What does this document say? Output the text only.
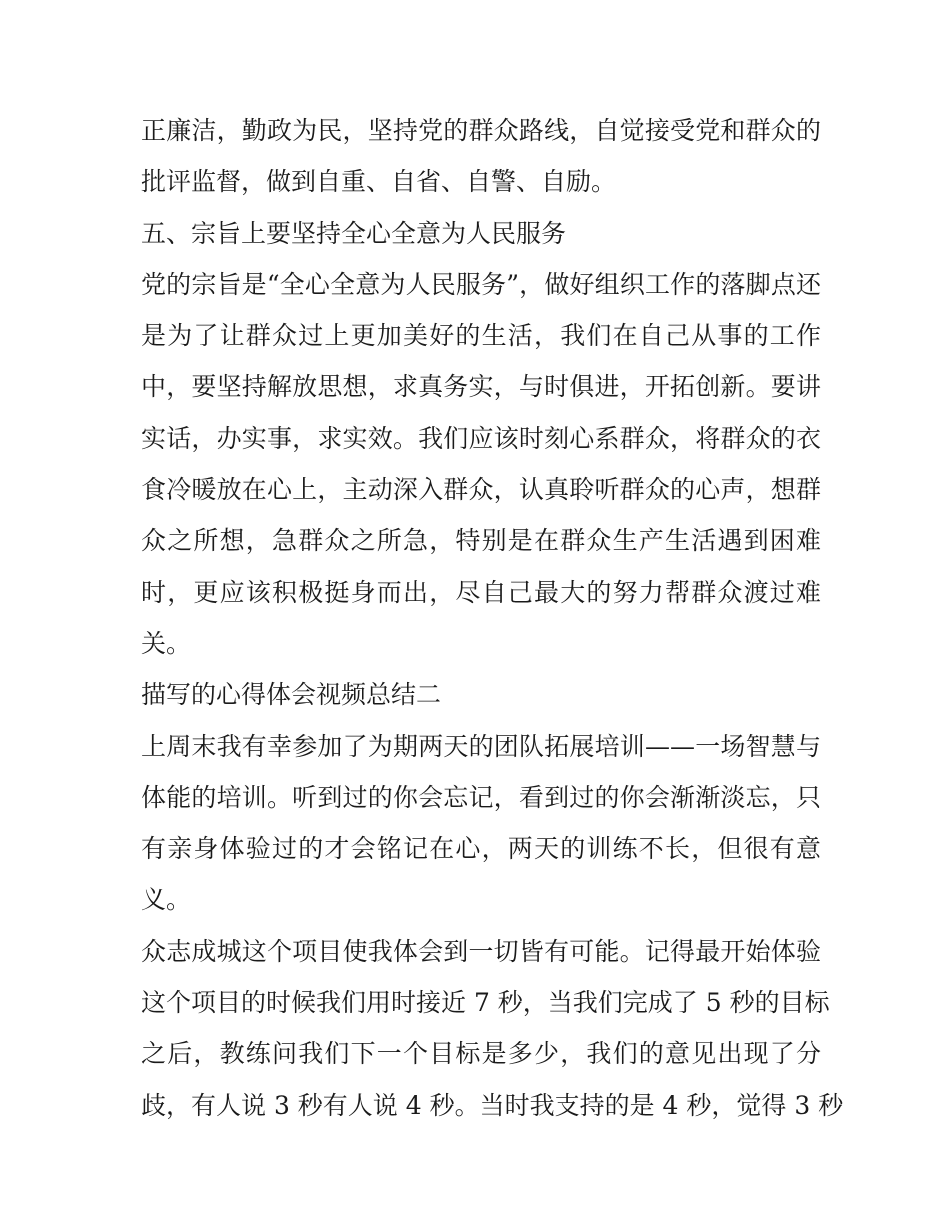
正廉洁，勤政为民，坚持党的群众路线，自觉接受党和群众的
批评监督，做到自重、自省、自警、自励。
五、宗旨上要坚持全心全意为人民服务
党的宗旨是“全心全意为人民服务”，做好组织工作的落脚点还
是为了让群众过上更加美好的生活，我们在自己从事的工作
中，要坚持解放思想，求真务实，与时俱进，开拓创新。要讲
实话，办实事，求实效。我们应该时刻心系群众，将群众的衣
食冷暖放在心上，主动深入群众，认真聆听群众的心声，想群
众之所想，急群众之所急，特别是在群众生产生活遇到困难
时，更应该积极挺身而出，尽自己最大的努力帮群众渡过难
关。
描写的心得体会视频总结二
上周末我有幸参加了为期两天的团队拓展培训——一场智慧与
体能的培训。听到过的你会忘记，看到过的你会渐渐淡忘，只
有亲身体验过的才会铭记在心，两天的训练不长，但很有意
义。
众志成城这个项目使我体会到一切皆有可能。记得最开始体验
这个项目的时候我们用时接近 7 秒，当我们完成了 5 秒的目标
之后，教练问我们下一个目标是多少，我们的意见出现了分
歧，有人说 3 秒有人说 4 秒。当时我支持的是 4 秒，觉得 3 秒
